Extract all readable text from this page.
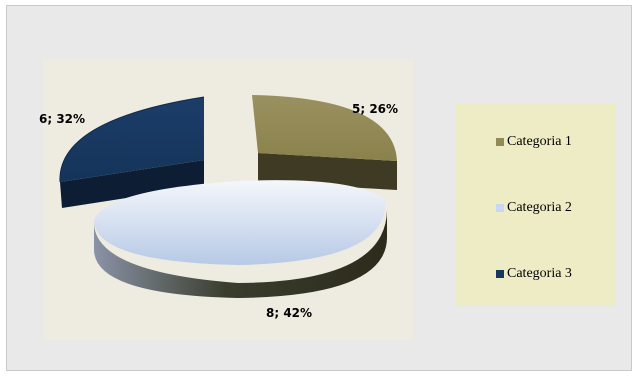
5; 26%
8; 42%
6; 32%
Categoria 1
Categoria 2
Categoria 3
